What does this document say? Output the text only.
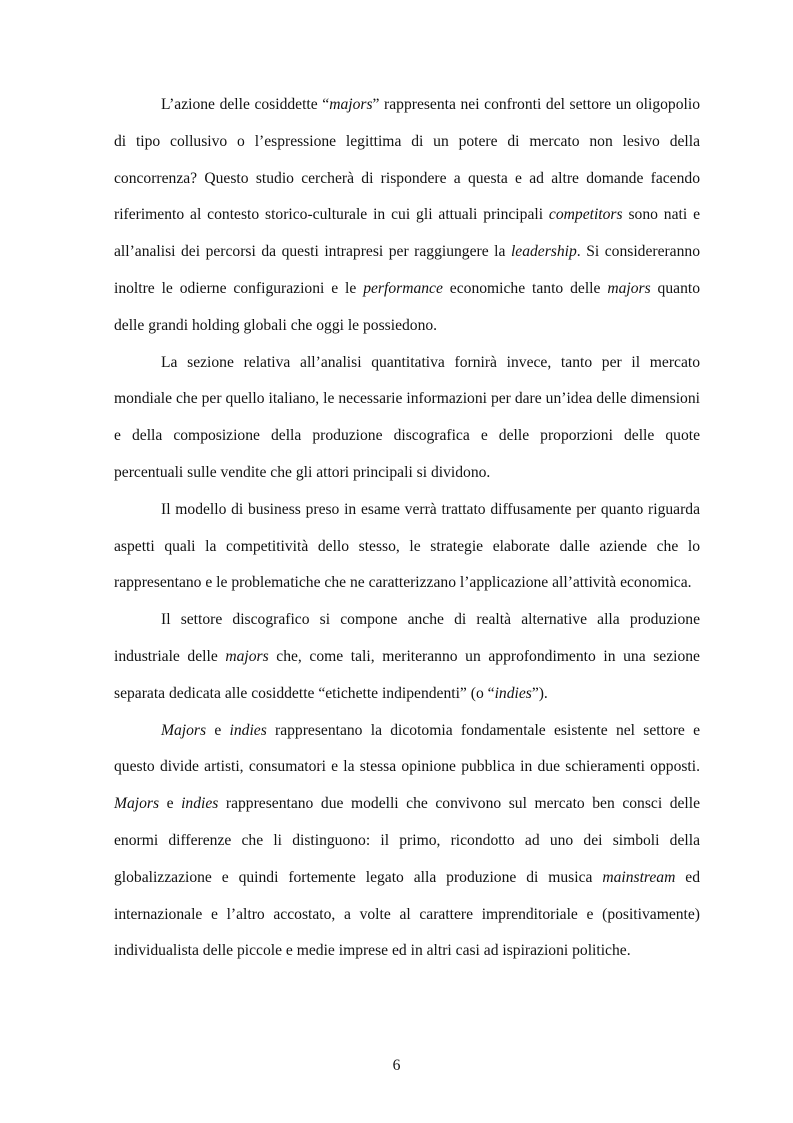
L’azione delle cosiddette “majors” rappresenta nei confronti del settore un oligopolio di tipo collusivo o l’espressione legittima di un potere di mercato non lesivo della concorrenza? Questo studio cercherà di rispondere a questa e ad altre domande facendo riferimento al contesto storico-culturale in cui gli attuali principali competitors sono nati e all’analisi dei percorsi da questi intrapresi per raggiungere la leadership. Si considereranno inoltre le odierne configurazioni e le performance economiche tanto delle majors quanto delle grandi holding globali che oggi le possiedono.

La sezione relativa all’analisi quantitativa fornirà invece, tanto per il mercato mondiale che per quello italiano, le necessarie informazioni per dare un’idea delle dimensioni e della composizione della produzione discografica e delle proporzioni delle quote percentuali sulle vendite che gli attori principali si dividono.

Il modello di business preso in esame verrà trattato diffusamente per quanto riguarda aspetti quali la competitività dello stesso, le strategie elaborate dalle aziende che lo rappresentano e le problematiche che ne caratterizzano l’applicazione all’attività economica.

Il settore discografico si compone anche di realtà alternative alla produzione industriale delle majors che, come tali, meriteranno un approfondimento in una sezione separata dedicata alle cosiddette “etichette indipendenti” (o “indies”).

Majors e indies rappresentano la dicotomia fondamentale esistente nel settore e questo divide artisti, consumatori e la stessa opinione pubblica in due schieramenti opposti. Majors e indies rappresentano due modelli che convivono sul mercato ben consci delle enormi differenze che li distinguono: il primo, ricondotto ad uno dei simboli della globalizzazione e quindi fortemente legato alla produzione di musica mainstream ed internazionale e l’altro accostato, a volte al carattere imprenditoriale e (positivamente) individualista delle piccole e medie imprese ed in altri casi ad ispirazioni politiche.

6
